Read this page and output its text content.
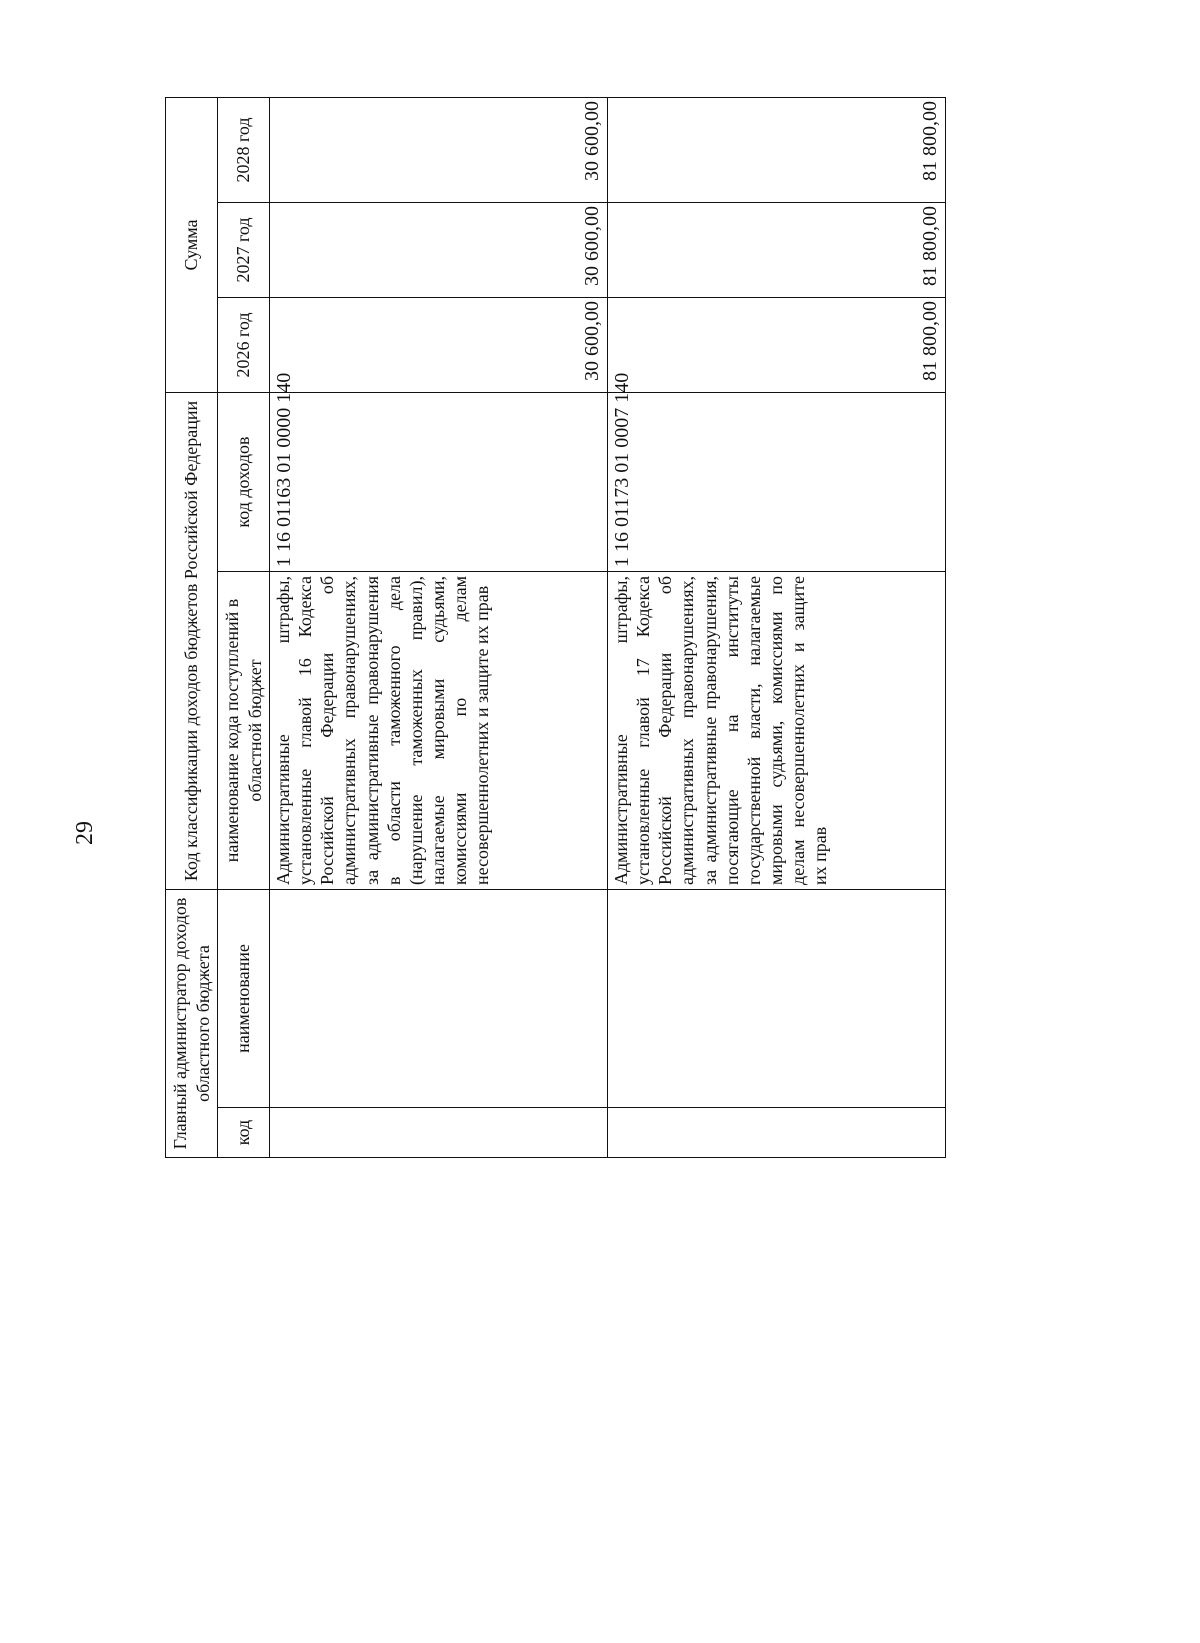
29
Главный администратор доходов областного бюджета		Код классификации доходов бюджетов Российской Федерации		Сумма		
код	наименование	наименование кода поступлений в областной бюджет	код доходов	2026 год	2027 год	2028 год
		Административные штрафы, установленные главой 16 Кодекса Российской Федерации об административных правонарушениях, за административные правонарушения в области таможенного дела (нарушение таможенных правил), налагаемые мировыми судьями, комиссиями по делам несовершеннолетних и защите их прав	1 16 01163 01 0000 140	30 600,00	30 600,00	30 600,00
		Административные штрафы, установленные главой 17 Кодекса Российской Федерации об административных правонарушениях, за административные правонарушения, посягающие на институты государственной власти, налагаемые мировыми судьями, комиссиями по делам несовершеннолетних и защите их прав	1 16 01173 01 0007 140	81 800,00	81 800,00	81 800,00
